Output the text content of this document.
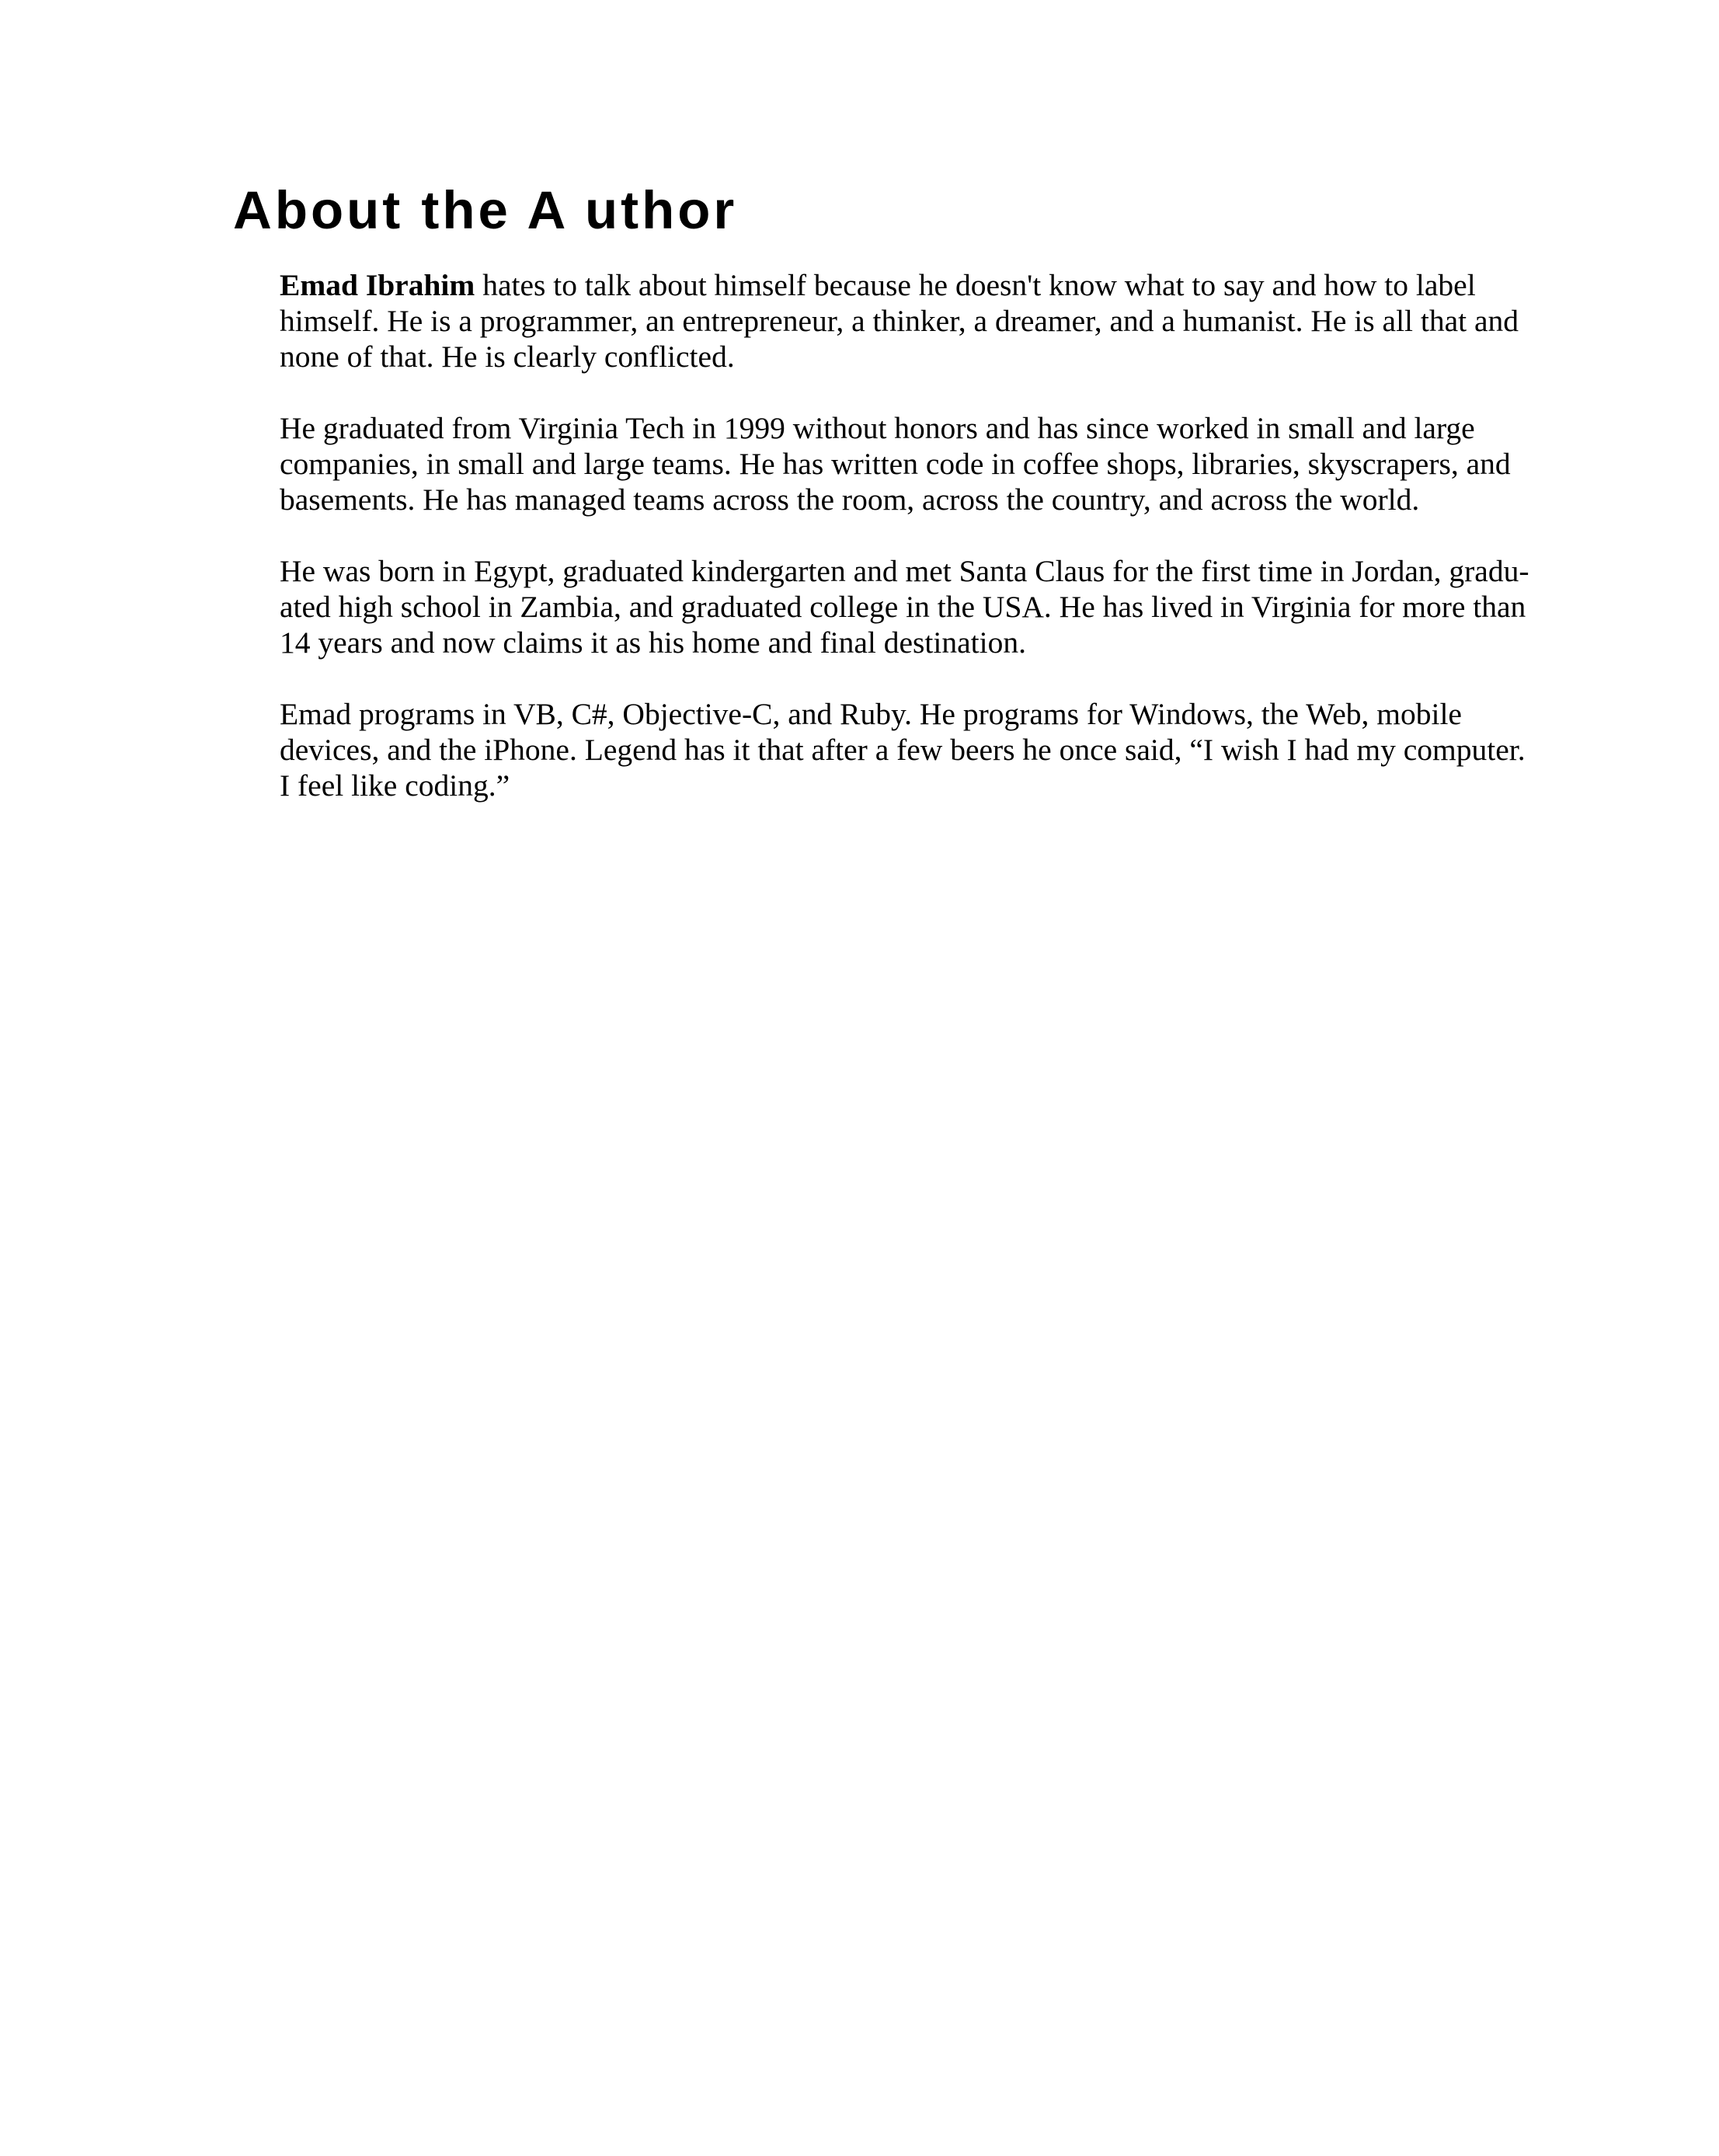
About the A uthor

Emad Ibrahim hates to talk about himself because he doesn't know what to say and how to label
himself. He is a programmer, an entrepreneur, a thinker, a dreamer, and a humanist. He is all that and
none of that. He is clearly conflicted.

He graduated from Virginia Tech in 1999 without honors and has since worked in small and large
companies, in small and large teams. He has written code in coffee shops, libraries, skyscrapers, and
basements. He has managed teams across the room, across the country, and across the world.

He was born in Egypt, graduated kindergarten and met Santa Claus for the first time in Jordan, gradu-
ated high school in Zambia, and graduated college in the USA. He has lived in Virginia for more than
14 years and now claims it as his home and final destination.

Emad programs in VB, C#, Objective-C, and Ruby. He programs for Windows, the Web, mobile
devices, and the iPhone. Legend has it that after a few beers he once said, “I wish I had my computer.
I feel like coding.”
